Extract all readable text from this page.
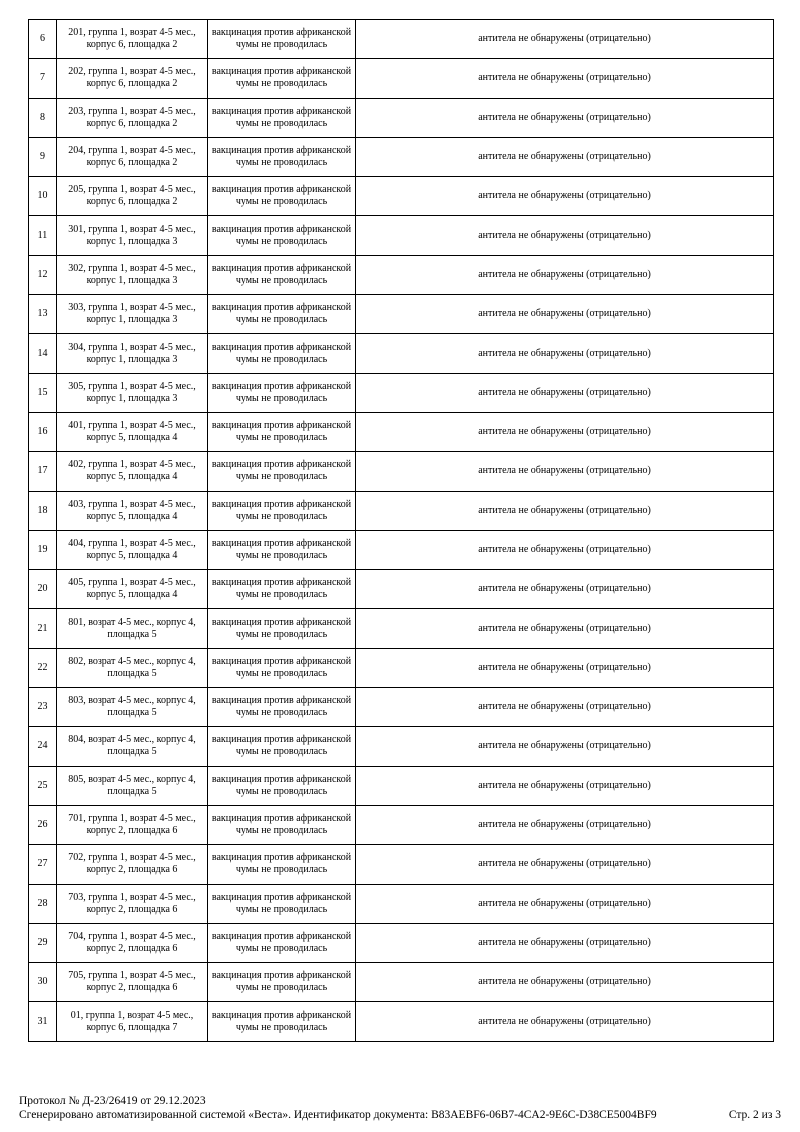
6	201, группа 1, возрат 4-5 мес., корпус 6, площадка 2	вакцинация против африканской чумы не проводилась	антитела не обнаружены (отрицательно)
7	202, группа 1, возрат 4-5 мес., корпус 6, площадка 2	вакцинация против африканской чумы не проводилась	антитела не обнаружены (отрицательно)
8	203, группа 1, возрат 4-5 мес., корпус 6, площадка 2	вакцинация против африканской чумы не проводилась	антитела не обнаружены (отрицательно)
9	204, группа 1, возрат 4-5 мес., корпус 6, площадка 2	вакцинация против африканской чумы не проводилась	антитела не обнаружены (отрицательно)
10	205, группа 1, возрат 4-5 мес., корпус 6, площадка 2	вакцинация против африканской чумы не проводилась	антитела не обнаружены (отрицательно)
11	301, группа 1, возрат 4-5 мес., корпус 1, площадка 3	вакцинация против африканской чумы не проводилась	антитела не обнаружены (отрицательно)
12	302, группа 1, возрат 4-5 мес., корпус 1, площадка 3	вакцинация против африканской чумы не проводилась	антитела не обнаружены (отрицательно)
13	303, группа 1, возрат 4-5 мес., корпус 1, площадка 3	вакцинация против африканской чумы не проводилась	антитела не обнаружены (отрицательно)
14	304, группа 1, возрат 4-5 мес., корпус 1, площадка 3	вакцинация против африканской чумы не проводилась	антитела не обнаружены (отрицательно)
15	305, группа 1, возрат 4-5 мес., корпус 1, площадка 3	вакцинация против африканской чумы не проводилась	антитела не обнаружены (отрицательно)
16	401, группа 1, возрат 4-5 мес., корпус 5, площадка 4	вакцинация против африканской чумы не проводилась	антитела не обнаружены (отрицательно)
17	402, группа 1, возрат 4-5 мес., корпус 5, площадка 4	вакцинация против африканской чумы не проводилась	антитела не обнаружены (отрицательно)
18	403, группа 1, возрат 4-5 мес., корпус 5, площадка 4	вакцинация против африканской чумы не проводилась	антитела не обнаружены (отрицательно)
19	404, группа 1, возрат 4-5 мес., корпус 5, площадка 4	вакцинация против африканской чумы не проводилась	антитела не обнаружены (отрицательно)
20	405, группа 1, возрат 4-5 мес., корпус 5, площадка 4	вакцинация против африканской чумы не проводилась	антитела не обнаружены (отрицательно)
21	801, возрат 4-5 мес., корпус 4, площадка 5	вакцинация против африканской чумы не проводилась	антитела не обнаружены (отрицательно)
22	802, возрат 4-5 мес., корпус 4, площадка 5	вакцинация против африканской чумы не проводилась	антитела не обнаружены (отрицательно)
23	803, возрат 4-5 мес., корпус 4, площадка 5	вакцинация против африканской чумы не проводилась	антитела не обнаружены (отрицательно)
24	804, возрат 4-5 мес., корпус 4, площадка 5	вакцинация против африканской чумы не проводилась	антитела не обнаружены (отрицательно)
25	805, возрат 4-5 мес., корпус 4, площадка 5	вакцинация против африканской чумы не проводилась	антитела не обнаружены (отрицательно)
26	701, группа 1, возрат 4-5 мес., корпус 2, площадка 6	вакцинация против африканской чумы не проводилась	антитела не обнаружены (отрицательно)
27	702, группа 1, возрат 4-5 мес., корпус 2, площадка 6	вакцинация против африканской чумы не проводилась	антитела не обнаружены (отрицательно)
28	703, группа 1, возрат 4-5 мес., корпус 2, площадка 6	вакцинация против африканской чумы не проводилась	антитела не обнаружены (отрицательно)
29	704, группа 1, возрат 4-5 мес., корпус 2, площадка 6	вакцинация против африканской чумы не проводилась	антитела не обнаружены (отрицательно)
30	705, группа 1, возрат 4-5 мес., корпус 2, площадка 6	вакцинация против африканской чумы не проводилась	антитела не обнаружены (отрицательно)
31	01, группа 1, возрат 4-5 мес., корпус 6, площадка 7	вакцинация против африканской чумы не проводилась	антитела не обнаружены (отрицательно)
Протокол № Д-23/26419 от 29.12.2023
Сгенерировано автоматизированной системой «Веста». Идентификатор документа: B83AEBF6-06B7-4CA2-9E6C-D38CE5004BF9	Стр. 2 из 3
